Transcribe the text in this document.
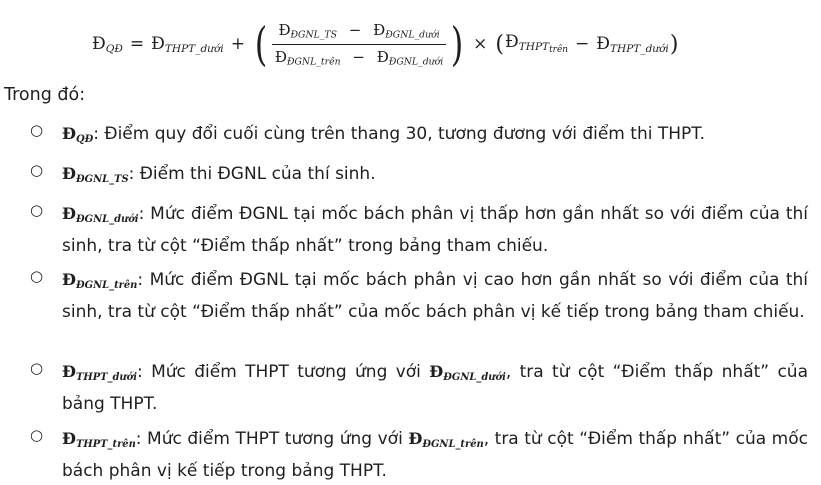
$Đ_{QĐ}$ = $Đ_{THPT\_dưới}$ + ( $\frac{Đ_{ĐGNL\_TS} - Đ_{ĐGNL\_dưới}}{Đ_{ĐGNL\_trên} - Đ_{ĐGNL\_dưới}}$ ) × ( $Đ_{THPT_{trên}}$ − $Đ_{THPT\_dưới}$ )
Trong đó:
○ $Đ_{QĐ}$: Điểm quy đổi cuối cùng trên thang 30, tương đương với điểm thi THPT.
○ $Đ_{ĐGNL\_TS}$: Điểm thi ĐGNL của thí sinh.
○ $Đ_{ĐGNL\_dưới}$: Mức điểm ĐGNL tại mốc bách phân vị thấp hơn gần nhất so với điểm của thí sinh, tra từ cột “Điểm thấp nhất” trong bảng tham chiếu.
○ $Đ_{ĐGNL\_trên}$: Mức điểm ĐGNL tại mốc bách phân vị cao hơn gần nhất so với điểm của thí sinh, tra từ cột “Điểm thấp nhất” của mốc bách phân vị kế tiếp trong bảng tham chiếu.
○ $Đ_{THPT\_dưới}$: Mức điểm THPT tương ứng với $Đ_{ĐGNL\_dưới}$, tra từ cột “Điểm thấp nhất” của bảng THPT.
○ $Đ_{THPT\_trên}$: Mức điểm THPT tương ứng với $Đ_{ĐGNL\_trên}$, tra từ cột “Điểm thấp nhất” của mốc bách phân vị kế tiếp trong bảng THPT.
